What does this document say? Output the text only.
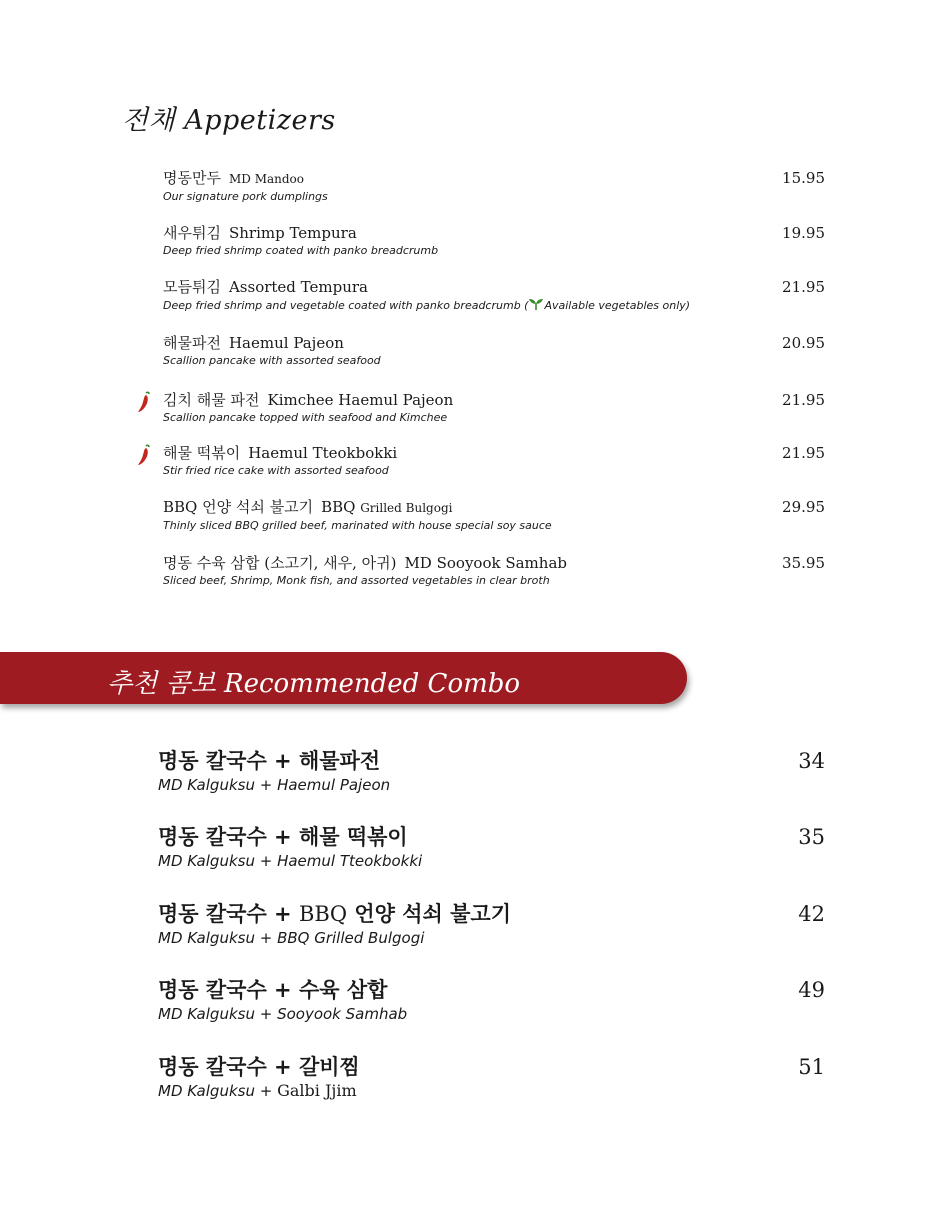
전채 Appetizers
명동만두 MD Mandoo
Our signature pork dumplings
15.95
새우튀김 Shrimp Tempura
Deep fried shrimp coated with panko breadcrumb
19.95
모듬튀김 Assorted Tempura
Deep fried shrimp and vegetable coated with panko breadcrumb ( Available vegetables only)
21.95
해물파전 Haemul Pajeon
Scallion pancake with assorted seafood
20.95
김치 해물 파전 Kimchee Haemul Pajeon
Scallion pancake topped with seafood and Kimchee
21.95
해물 떡볶이 Haemul Tteokbokki
Stir fried rice cake with assorted seafood
21.95
BBQ 언양 석쇠 불고기 BBQ Grilled Bulgogi
Thinly sliced BBQ grilled beef, marinated with house special soy sauce
29.95
명동 수육 삼합 (소고기, 새우, 아귀) MD Sooyook Samhab
Sliced beef, Shrimp, Monk fish, and assorted vegetables in clear broth
35.95
추천 콤보 Recommended Combo
명동 칼국수 + 해물파전
MD Kalguksu + Haemul Pajeon
34
명동 칼국수 + 해물 떡볶이
MD Kalguksu + Haemul Tteokbokki
35
명동 칼국수 + BBQ 언양 석쇠 불고기
MD Kalguksu + BBQ Grilled Bulgogi
42
명동 칼국수 + 수육 삼합
MD Kalguksu + Sooyook Samhab
49
명동 칼국수 + 갈비찜
MD Kalguksu + Galbi Jjim
51
